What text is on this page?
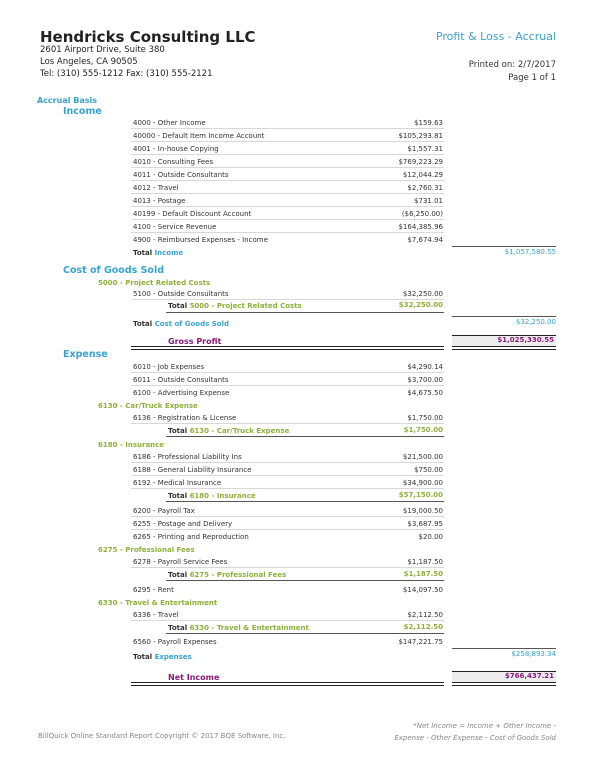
Hendricks Consulting LLC
2601 Airport Drive, Suite 380
Los Angeles, CA 90505
Tel: (310) 555-1212 Fax: (310) 555-2121
Profit & Loss - Accrual
Printed on: 2/7/2017
Page 1 of 1
Accrual Basis
Income
4000 - Other Income	$159.63
40000 - Default Item Income Account	$105,293.81
4001 - In-house Copying	$1,557.31
4010 - Consulting Fees	$769,223.29
4011 - Outside Consultants	$12,044.29
4012 - Travel	$2,760.31
4013 - Postage	$731.01
40199 - Default Discount Account	($6,250.00)
4100 - Service Revenue	$164,385.96
4900 - Reimbursed Expenses - Income	$7,674.94
Total Income	$1,057,580.55
Cost of Goods Sold
5000 - Project Related Costs
5100 - Outside Consultants	$32,250.00
Total 5000 - Project Related Costs	$32,250.00
Total Cost of Goods Sold	$32,250.00
Gross Profit	$1,025,330.55
Expense
6010 - Job Expenses	$4,290.14
6011 - Outside Consultants	$3,700.00
6100 - Advertising Expense	$4,675.50
6130 - Car/Truck Expense
6136 - Registration & License	$1,750.00
Total 6130 - Car/Truck Expense	$1,750.00
6180 - Insurance
6186 - Professional Liability Ins	$21,500.00
6188 - General Liability Insurance	$750.00
6192 - Medical Insurance	$34,900.00
Total 6180 - Insurance	$57,150.00
6200 - Payroll Tax	$19,000.50
6255 - Postage and Delivery	$3,687.95
6265 - Printing and Reproduction	$20.00
6275 - Professional Fees
6278 - Payroll Service Fees	$1,187.50
Total 6275 - Professional Fees	$1,187.50
6295 - Rent	$14,097.50
6330 - Travel & Entertainment
6336 - Travel	$2,112.50
Total 6330 - Travel & Entertainment	$2,112.50
6560 - Payroll Expenses	$147,221.75
Total Expenses	$258,893.34
Net Income	$766,437.21
BillQuick Online Standard Report Copyright © 2017 BQE Software, Inc.
*Net Income = Income + Other Income -
Expense - Other Expense - Cost of Goods Sold
